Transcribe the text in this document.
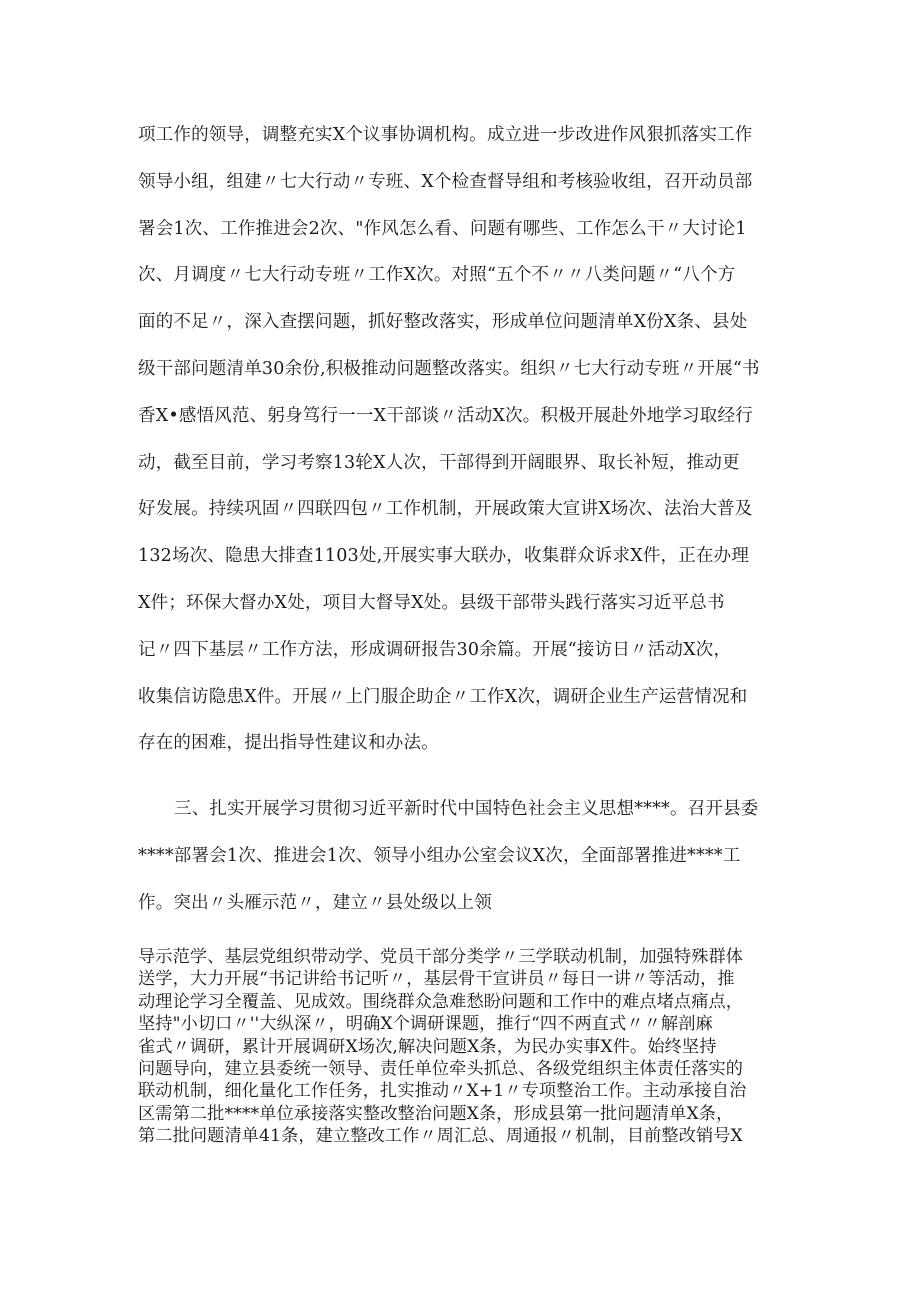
项工作的领导，调整充实X个议事协调机构。成立进一步改进作风狠抓落实工作
领导小组，组建〃七大行动〃专班、X个检查督导组和考核验收组，召开动员部
署会1次、工作推进会2次、"作风怎么看、问题有哪些、工作怎么干〃大讨论1
次、月调度〃七大行动专班〃工作X次。对照“五个不〃〃八类问题〃“八个方
面的不足〃，深入查摆问题，抓好整改落实，形成单位问题清单X份X条、县处
级干部问题清单30余份,积极推动问题整改落实。组织〃七大行动专班〃开展“书
香X•感悟风范、躬身笃行一一X干部谈〃活动X次。积极开展赴外地学习取经行
动，截至目前，学习考察13轮X人次，干部得到开阔眼界、取长补短，推动更
好发展。持续巩固〃四联四包〃工作机制，开展政策大宣讲X场次、法治大普及
132场次、隐患大排查1103处,开展实事大联办，收集群众诉求X件，正在办理
X件；环保大督办X处，项目大督导X处。县级干部带头践行落实习近平总书
记〃四下基层〃工作方法，形成调研报告30余篇。开展“接访日〃活动X次，
收集信访隐患X件。开展〃上门服企助企〃工作X次，调研企业生产运营情况和
存在的困难，提出指导性建议和办法。
三、扎实开展学习贯彻习近平新时代中国特色社会主义思想****。召开县委
****部署会1次、推进会1次、领导小组办公室会议X次，全面部署推进****工
作。突出〃头雁示范〃，建立〃县处级以上领
导示范学、基层党组织带动学、党员干部分类学〃三学联动机制，加强特殊群体
送学，大力开展“书记讲给书记听〃，基层骨干宣讲员〃每日一讲〃等活动，推
动理论学习全覆盖、见成效。围绕群众急难愁盼问题和工作中的难点堵点痛点，
坚持"小切口〃''大纵深〃，明确X个调研课题，推行“四不两直式〃〃解剖麻
雀式〃调研，累计开展调研X场次,解决问题X条，为民办实事X件。始终坚持
问题导向，建立县委统一领导、责任单位牵头抓总、各级党组织主体责任落实的
联动机制，细化量化工作任务，扎实推动〃X+1〃专项整治工作。主动承接自治
区需第二批****单位承接落实整改整治问题X条，形成县第一批问题清单X条，
第二批问题清单41条，建立整改工作〃周汇总、周通报〃机制，目前整改销号X
